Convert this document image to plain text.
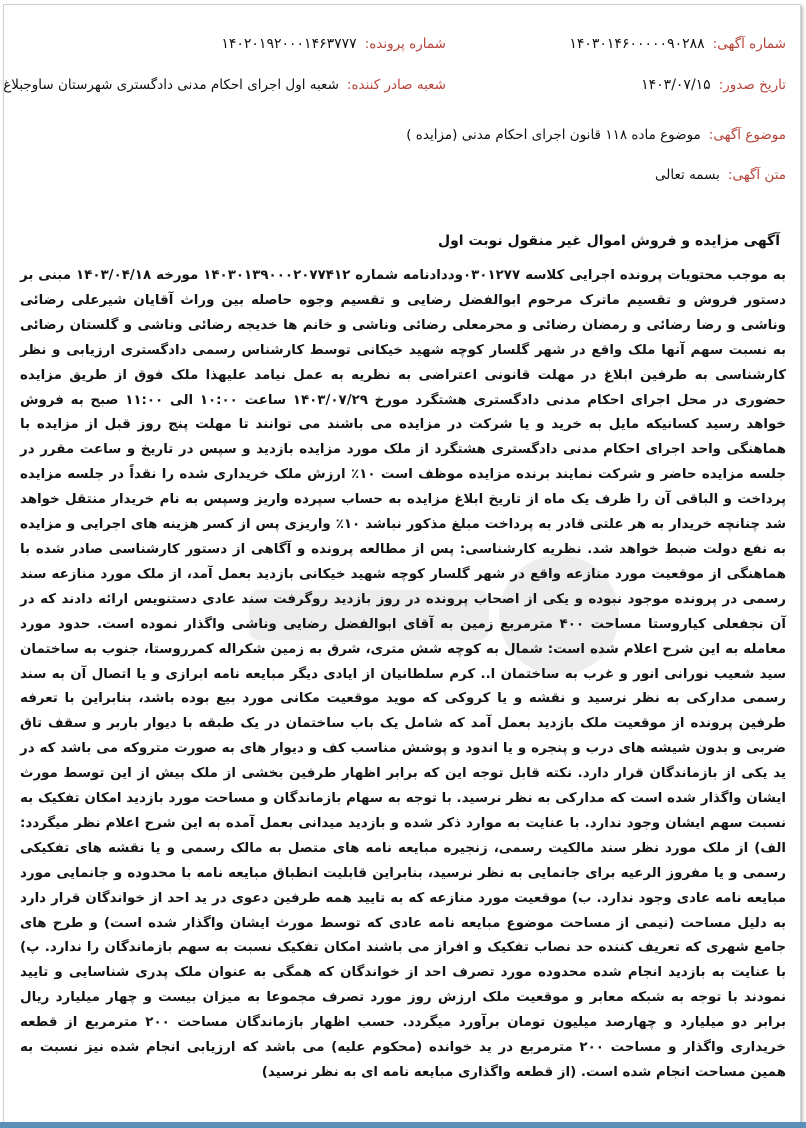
شماره آگهی:
۱۴۰۳۰۱۴۶۰۰۰۰۰۹۰۲۸۸
شماره پرونده:
۱۴۰۲۰۱۹۲۰۰۰۱۴۶۳۷۷۷
تاریخ صدور:
۱۴۰۳/۰۷/۱۵
شعبه صادر کننده:
شعبه اول اجرای احکام مدنی دادگستری شهرستان ساوجبلاغ
موضوع آگهی:
موضوع ماده ۱۱۸ قانون اجرای احکام مدنی (مزایده )
متن آگهی:
بسمه تعالی
آگهی مزایده و فروش اموال غیر منقول نوبت اول
به موجب محتویات پرونده اجرایی کلاسه ۰۳۰۱۲۷۷وددادنامه شماره ۱۴۰۳۰۱۳۹۰۰۰۲۰۷۷۴۱۲ مورخه ۱۴۰۳/۰۴/۱۸ مبنی بر دستور فروش و تقسیم ماترک مرحوم ابوالفضل رضایی و تقسیم وجوه حاصله بین وراث آقایان شیرعلی رضائی وناشی و رضا رضائی و رمضان رضائی و محرمعلی رضائی وناشی و خانم ها خدیجه رضائی وناشی و گلستان رضائی به نسبت سهم آنها ملک واقع در شهر گلسار کوچه شهید خیکانی توسط کارشناس رسمی دادگستری ارزیابی و نظر کارشناسی به طرفین ابلاغ در مهلت قانونی اعتراضی به نظریه به عمل نیامد علیهذا ملک فوق از طریق مزایده حضوری در محل اجرای احکام مدنی دادگستری هشتگرد مورخ ۱۴۰۳/۰۷/۲۹ ساعت ۱۰:۰۰ الی ۱۱:۰۰ صبح به فروش خواهد رسید کسانیکه مایل به خرید و یا شرکت در مزایده می باشند می توانند تا مهلت پنج روز قبل از مزایده با هماهنگی واحد اجرای احکام مدنی دادگستری هشتگرد از ملک مورد مزایده بازدید و سپس در تاریخ و ساعت مقرر در جلسه مزایده حاضر و شرکت نمایند برنده مزایده موظف است ۱۰٪ ارزش ملک خریداری شده را نقداً در جلسه مزایده پرداخت و الباقی آن را ظرف یک ماه از تاریخ ابلاغ مزایده به حساب سپرده واریز وسپس به نام خریدار منتقل خواهد شد چنانچه خریدار به هر علتی قادر به پرداخت مبلغ مذکور نباشد ۱۰٪ واریزی پس از کسر هزینه های اجرایی و مزایده به نفع دولت ضبط خواهد شد. نظریه کارشناسی: پس از مطالعه پرونده و آگاهی از دستور کارشناسی صادر شده با هماهنگی از موقعیت مورد منازعه واقع در شهر گلسار کوچه شهید خیکانی بازدید بعمل آمد، از ملک مورد منازعه سند رسمی در پرونده موجود نبوده و یکی از اصحاب پرونده در روز بازدید روگرفت سند عادی دستنویس ارائه دادند که در آن نجفعلی کیاروستا مساحت ۴۰۰ مترمربع زمین به آقای ابوالفضل رضایی وناشی واگذار نموده است. حدود مورد معامله به این شرح اعلام شده است: شمال به کوچه شش متری، شرق به زمین شکراله کمرروستا، جنوب به ساختمان سید شعیب نورانی انور و غرب به ساختمان ا.. کرم سلطانیان از ایادی دیگر مبایعه نامه ابرازی و یا اتصال آن به سند رسمی مدارکی به نظر نرسید و نقشه و یا کروکی که موید موقعیت مکانی مورد بیع بوده باشد، بنابراین با تعرفه طرفین پرونده از موقعیت ملک بازدید بعمل آمد که شامل یک باب ساختمان در یک طبقه با دیوار باربر و سقف تاق ضربی و بدون شیشه های درب و پنجره و یا اندود و پوشش مناسب کف و دیوار های به صورت متروکه می باشد که در ید یکی از بازماندگان قرار دارد. نکته قابل توجه این که برابر اظهار طرفین بخشی از ملک بیش از این توسط مورث ایشان واگذار شده است که مدارکی به نظر نرسید. با توجه به سهام بازماندگان و مساحت مورد بازدید امکان تفکیک به نسبت سهم ایشان وجود ندارد. با عنایت به موارد ذکر شده و بازدید میدانی بعمل آمده به این شرح اعلام نظر میگردد: الف) از ملک مورد نظر سند مالکیت رسمی، زنجیره مبایعه نامه های متصل به مالک رسمی و یا نقشه های تفکیکی رسمی و یا مفروز الرعیه برای جانمایی به نظر نرسید، بنابراین قابلیت انطباق مبایعه نامه با محدوده و جانمایی مورد مبایعه نامه عادی وجود ندارد. ب) موقعیت مورد منازعه که به تایید همه طرفین دعوی در ید احد از خواندگان قرار دارد به دلیل مساحت (نیمی از مساحت موضوع مبایعه نامه عادی که توسط مورث ایشان واگذار شده است) و طرح های جامع شهری که تعریف کننده حد نصاب تفکیک و افراز می باشند امکان تفکیک نسبت به سهم بازماندگان را ندارد. پ) با عنایت به بازدید انجام شده محدوده مورد تصرف احد از خواندگان که همگی به عنوان ملک پدری شناسایی و تایید نمودند با توجه به شبکه معابر و موقعیت ملک ارزش روز مورد تصرف مجموعا به میزان بیست و چهار میلیارد ریال برابر دو میلیارد و چهارصد میلیون تومان برآورد میگردد. حسب اظهار بازماندگان مساحت ۲۰۰ مترمربع از قطعه خریداری واگذار و مساحت ۲۰۰ مترمربع در ید خوانده (محکوم علیه) می باشد که ارزیابی انجام شده نیز نسبت به همین مساحت انجام شده است. (از قطعه واگذاری مبایعه نامه ای به نظر نرسید)
